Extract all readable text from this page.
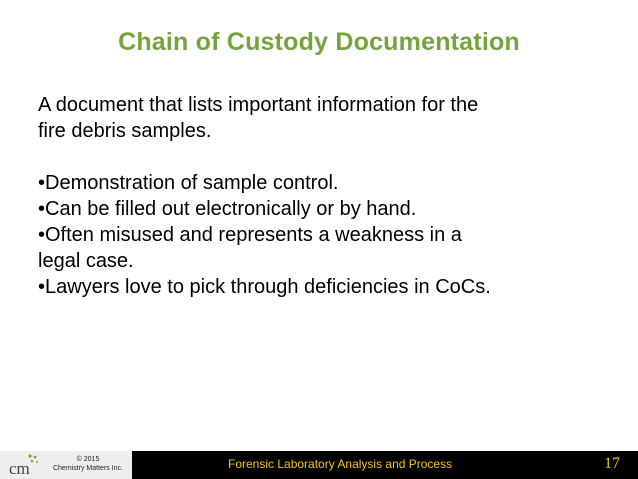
Chain of Custody Documentation

A document that lists important information for the

fire debris samples.

•Demonstration of sample control.

•Can be filled out electronically or by hand.

•Often misused and represents a weakness in a

legal case.

•Lawyers love to pick through deficiencies in CoCs.

cm	© 2015
Chemistry Matters Inc.	Forensic Laboratory Analysis and Process	17
